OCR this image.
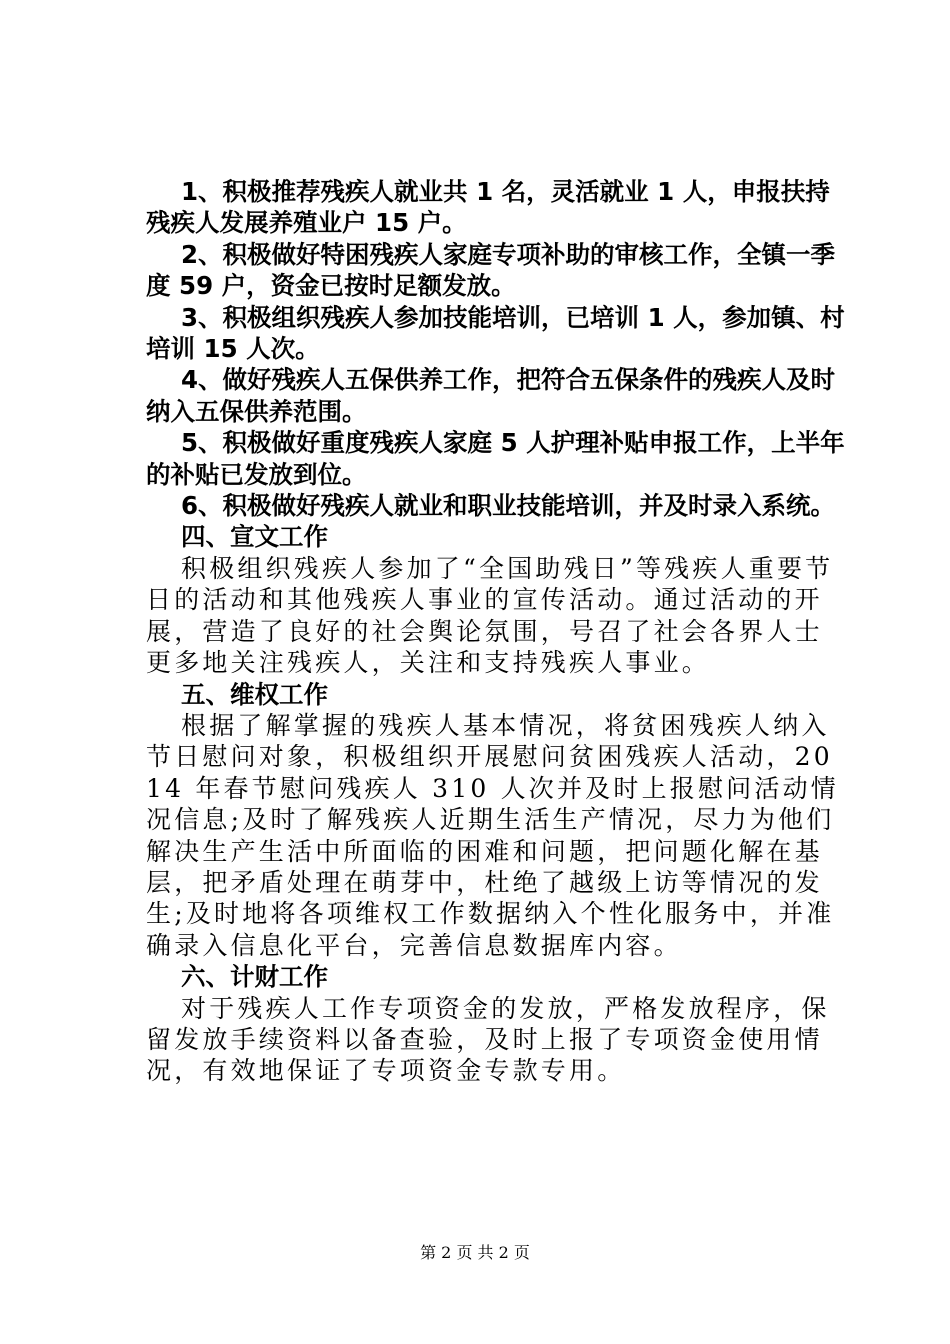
1、积极推荐残疾人就业共 1 名，灵活就业 1 人，申报扶持残疾人发展养殖业户 15 户。

2、积极做好特困残疾人家庭专项补助的审核工作，全镇一季度 59 户，资金已按时足额发放。

3、积极组织残疾人参加技能培训，已培训 1 人，参加镇、村培训 15 人次。

4、做好残疾人五保供养工作，把符合五保条件的残疾人及时纳入五保供养范围。

5、积极做好重度残疾人家庭 5 人护理补贴申报工作，上半年的补贴已发放到位。

6、积极做好残疾人就业和职业技能培训，并及时录入系统。

四、宣文工作

积极组织残疾人参加了“全国助残日”等残疾人重要节日的活动和其他残疾人事业的宣传活动。通过活动的开展，营造了良好的社会舆论氛围，号召了社会各界人士更多地关注残疾人，关注和支持残疾人事业。

五、维权工作

根据了解掌握的残疾人基本情况，将贫困残疾人纳入节日慰问对象，积极组织开展慰问贫困残疾人活动，2014 年春节慰问残疾人 310 人次并及时上报慰问活动情况信息;及时了解残疾人近期生活生产情况，尽力为他们解决生产生活中所面临的困难和问题，把问题化解在基层，把矛盾处理在萌芽中，杜绝了越级上访等情况的发生;及时地将各项维权工作数据纳入个性化服务中，并准确录入信息化平台，完善信息数据库内容。

六、计财工作

对于残疾人工作专项资金的发放，严格发放程序，保留发放手续资料以备查验，及时上报了专项资金使用情况，有效地保证了专项资金专款专用。

第 2 页 共 2 页
